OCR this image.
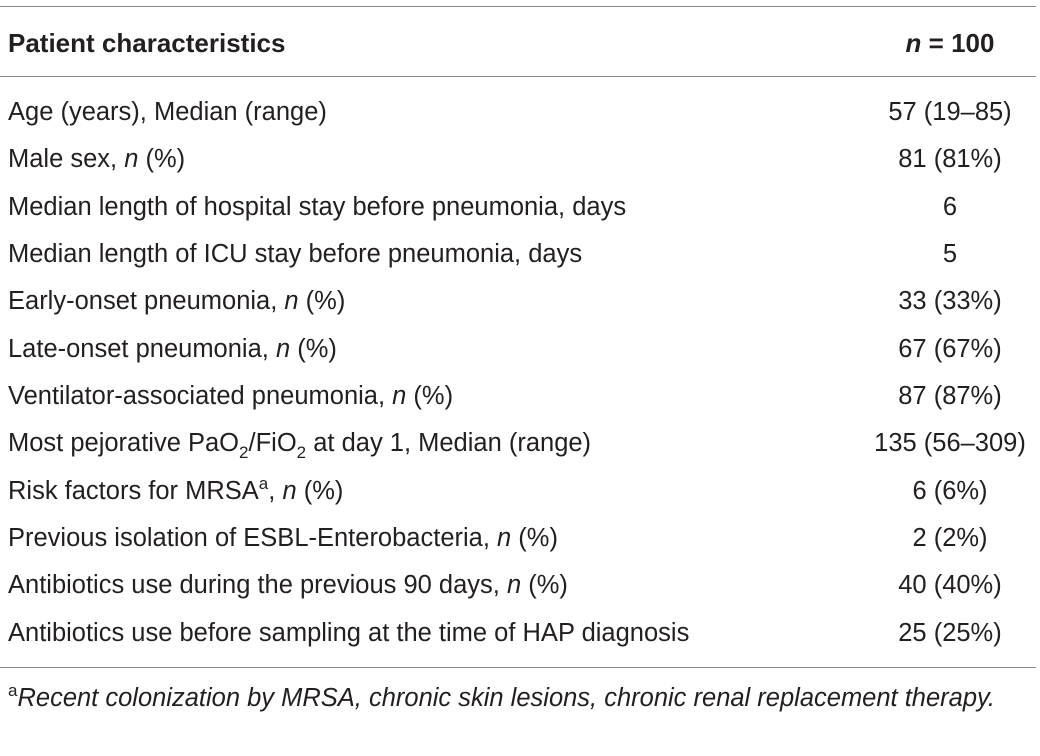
Patient characteristics	n = 100
Age (years), Median (range)	57 (19–85)
Male sex, n (%)	81 (81%)
Median length of hospital stay before pneumonia, days	6
Median length of ICU stay before pneumonia, days	5
Early-onset pneumonia, n (%)	33 (33%)
Late-onset pneumonia, n (%)	67 (67%)
Ventilator-associated pneumonia, n (%)	87 (87%)
Most pejorative PaO$_2$/FiO$_2$ at day 1, Median (range)	135 (56–309)
Risk factors for MRSA$^a$, n (%)	6 (6%)
Previous isolation of ESBL-Enterobacteria, n (%)	2 (2%)
Antibiotics use during the previous 90 days, n (%)	40 (40%)
Antibiotics use before sampling at the time of HAP diagnosis	25 (25%)
$^a$Recent colonization by MRSA, chronic skin lesions, chronic renal replacement therapy.
